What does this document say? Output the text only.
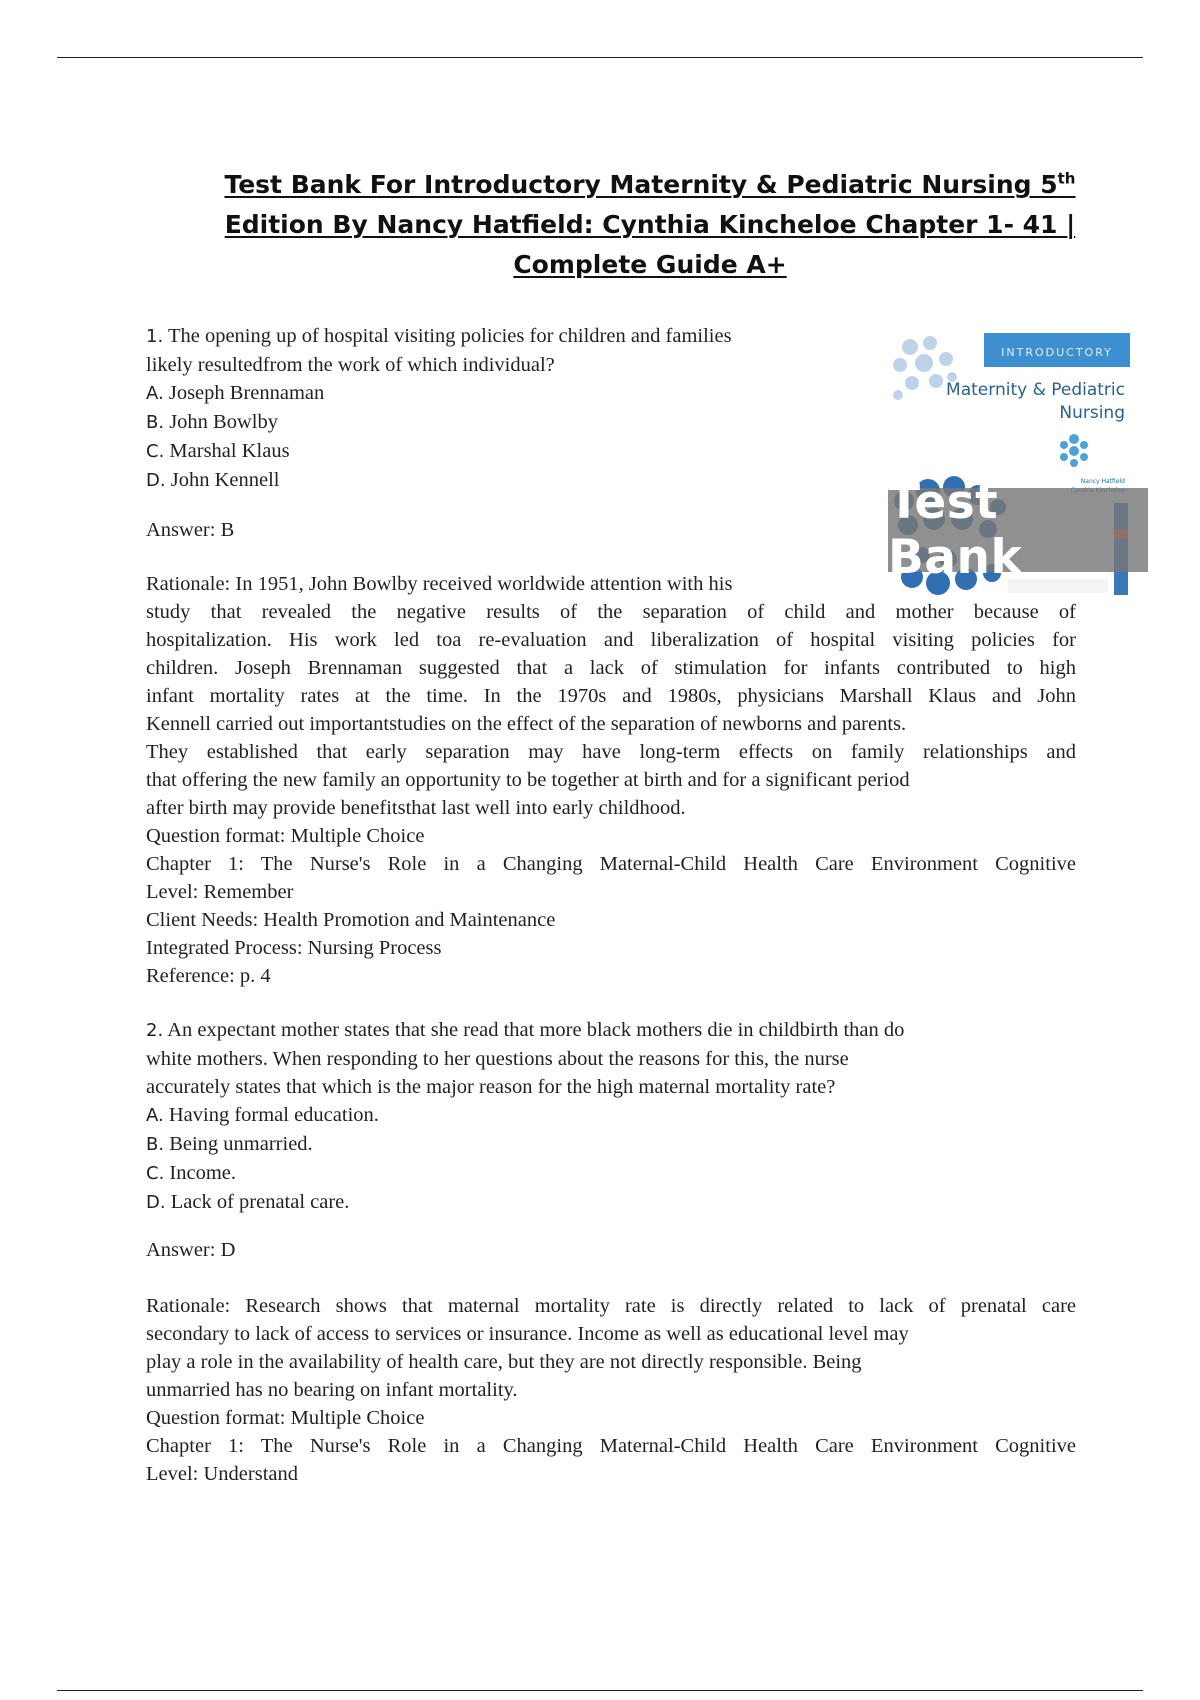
Test Bank For Introductory Maternity & Pediatric Nursing 5th
Edition By Nancy Hatfield: Cynthia Kincheloe Chapter 1- 41 |
Complete Guide A+
INTRODUCTORY
Maternity & Pediatric
Nursing
Nancy Hatfield
Test Bank

1. The opening up of hospital visiting policies for children and families

likely resultedfrom the work of which individual?

A. Joseph Brennaman

B. John Bowlby

C. Marshal Klaus

D. John Kennell

Answer: B

Rationale: In 1951, John Bowlby received worldwide attention with his

study that revealed the negative results of the separation of child and mother because of

hospitalization. His work led toa re-evaluation and liberalization of hospital visiting policies for

children. Joseph Brennaman suggested that a lack of stimulation for infants contributed to high

infant mortality rates at the time. In the 1970s and 1980s, physicians Marshall Klaus and John

Kennell carried out importantstudies on the effect of the separation of newborns and parents.

They established that early separation may have long-term effects on family relationships and

that offering the new family an opportunity to be together at birth and for a significant period

after birth may provide benefitsthat last well into early childhood.

Question format: Multiple Choice

Chapter 1: The Nurse's Role in a Changing Maternal-Child Health Care Environment Cognitive

Level: Remember

Client Needs: Health Promotion and Maintenance

Integrated Process: Nursing Process

Reference: p. 4

2. An expectant mother states that she read that more black mothers die in childbirth than do

white mothers. When responding to her questions about the reasons for this, the nurse

accurately states that which is the major reason for the high maternal mortality rate?

A. Having formal education.

B. Being unmarried.

C. Income.

D. Lack of prenatal care.

Answer: D

Rationale: Research shows that maternal mortality rate is directly related to lack of prenatal care

secondary to lack of access to services or insurance. Income as well as educational level may

play a role in the availability of health care, but they are not directly responsible. Being

unmarried has no bearing on infant mortality.

Question format: Multiple Choice

Chapter 1: The Nurse's Role in a Changing Maternal-Child Health Care Environment Cognitive

Level: Understand
